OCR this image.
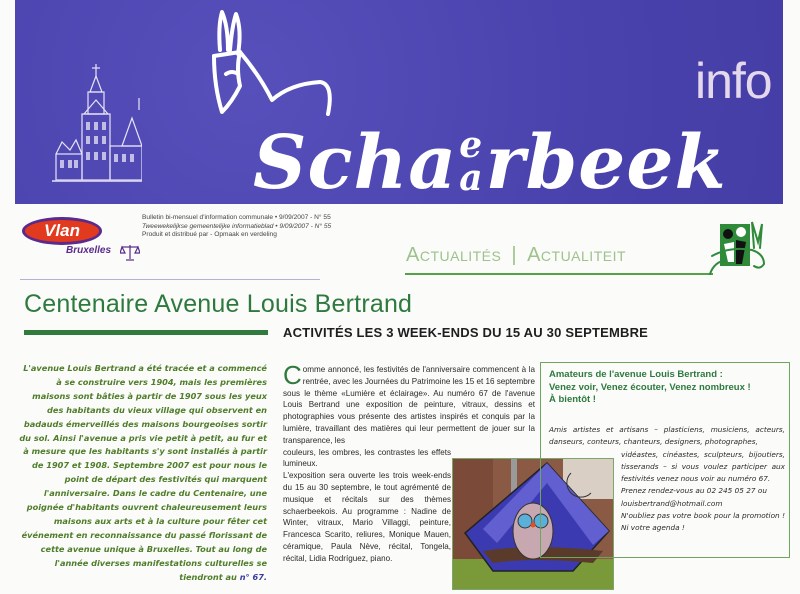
Scha e
a rbeek
info
Vlan
Bruxelles
Bulletin bi-mensuel d'information communale • 9/09/2007 - N° 55
Tweewekelijkse gemeentelijke informatieblad • 9/09/2007 - N° 55
Produit et distribué par - Opmaak en verdeling
Actualités | Actualiteit
Centenaire Avenue Louis Bertrand
ACTIVITÉS LES 3 WEEK-ENDS DU 15 AU 30 SEPTEMBRE
L'avenue Louis Bertrand a été tracée et a commencé à se construire vers 1904, mais les premières maisons sont bâties à partir de 1907 sous les yeux des habitants du vieux village qui observent en badauds émerveillés des maisons bourgeoises sortir du sol. Ainsi l'avenue a pris vie petit à petit, au fur et à mesure que les habitants s'y sont installés à partir de 1907 et 1908. Septembre 2007 est pour nous le point de départ des festivités qui marquent l'anniversaire. Dans le cadre du Centenaire, une poignée d'habitants ouvrent chaleureusement leurs maisons aux arts et à la culture pour fêter cet événement en reconnaissance du passé florissant de cette avenue unique à Bruxelles. Tout au long de l'année diverses manifestations culturelles se tiendront au n° 67.

Comme annoncé, les festivités de l'anniversaire commencent à la rentrée, avec les Journées du Patrimoine les 15 et 16 septembre sous le thème «Lumière et éclairage». Au numéro 67 de l'avenue Louis Bertrand une exposition de peinture, vitraux, dessins et photographies vous présente des artistes inspirés et conquis par la lumière, travaillant des matières qui leur permettent de jouer sur la transparence, les
couleurs, les ombres, les contrastes les effets lumineux.

L'exposition sera ouverte les trois week-ends du 15 au 30 septembre, le tout agrémenté de musique et récitals sur des thèmes schaerbeekois. Au programme : Nadine de Winter, vitraux, Mario Villaggi, peinture, Francesca Scarito, reliures, Monique Mauen, céramique, Paula Nève, récital, Tongela, récital, Lidia Rodríguez, piano.

Amateurs de l'avenue Louis Bertrand :
Venez voir, Venez écouter, Venez nombreux !
À bientôt !
Amis artistes et artisans – plasticiens, musiciens, acteurs, danseurs, conteurs, chanteurs, designers, photographes,
vidéastes, cinéastes, sculpteurs, bijoutiers, tisserands – si vous voulez participer aux festivités venez nous voir au numéro 67.
Prenez rendez-vous au 02 245 05 27 ou
louisbertrand@hotmail.com
N'oubliez pas votre book pour la promotion ! Ni votre agenda !
